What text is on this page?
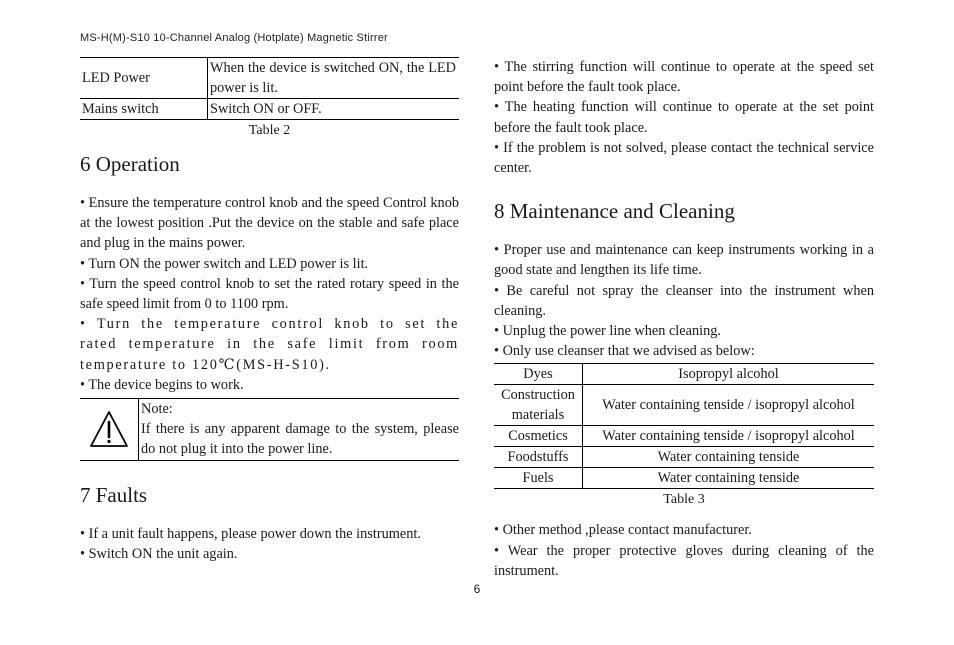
MS-H(M)-S10 10-Channel Analog (Hotplate) Magnetic Stirrer
LED Power	When the device is switched ON, the LED power is lit.
Mains switch	Switch ON or OFF.
Table 2
6 Operation

• Ensure the temperature control knob and the speed Control knob at the lowest position .Put the device on the stable and safe place and plug in the mains power.

• Turn ON the power switch and LED power is lit.

• Turn the speed control knob to set the rated rotary speed in the safe speed limit from 0 to 1100 rpm.

• Turn the temperature control knob to set the rated temperature in the safe limit from room temperature to 120℃(MS-H-S10).

• The device begins to work.

Note:
If there is any apparent damage to the system, please do not plug it into the power line.
7 Faults

• If a unit fault happens, please power down the instrument.

• Switch ON the unit again.

• The stirring function will continue to operate at the speed set point before the fault took place.

• The heating function will continue to operate at the set point before the fault took place.

• If the problem is not solved, please contact the technical service center.

8 Maintenance and Cleaning

• Proper use and maintenance can keep instruments working in a good state and lengthen its life time.

• Be careful not spray the cleanser into the instrument when cleaning.

• Unplug the power line when cleaning.

• Only use cleanser that we advised as below:

Dyes	Isopropyl alcohol
Construction materials	Water containing tenside / isopropyl alcohol
Cosmetics	Water containing tenside / isopropyl alcohol
Foodstuffs	Water containing tenside
Fuels	Water containing tenside
Table 3

• Other method ,please contact manufacturer.

• Wear the proper protective gloves during cleaning of the instrument.

6
